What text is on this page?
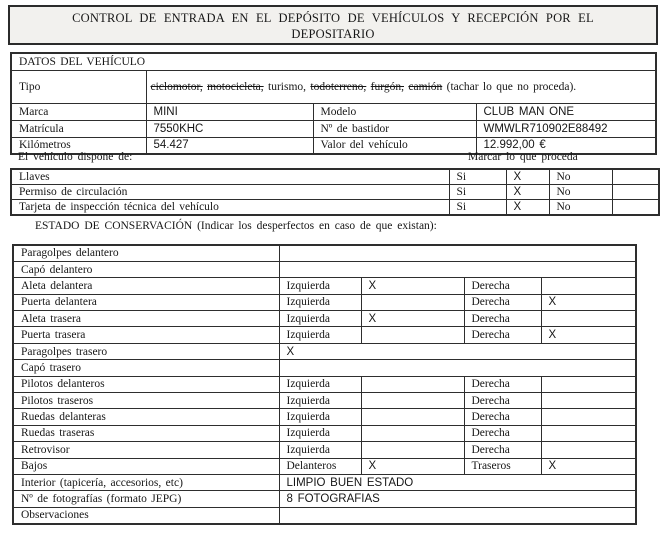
CONTROL DE ENTRADA EN EL DEPÓSITO DE VEHÍCULOS Y RECEPCIÓN POR EL
DEPOSITARIO
DATOS DEL VEHÍCULO			
Tipo	ciclomotor, motocicleta, turismo, todoterreno, furgón, camión (tachar lo que no proceda).		
Marca	MINI	Modelo	CLUB MAN ONE
Matrícula	7550KHC	Nº de bastidor	WMWLR710902E88492
Kilómetros	54.427	Valor del vehículo	12.992,00 €
El vehículo dispone de:	Marcar lo que proceda
Llaves	Si	X	No	
Permiso de circulación	Si	X	No	
Tarjeta de inspección técnica del vehículo	Si	X	No	
ESTADO DE CONSERVACIÓN (Indicar los desperfectos en caso de que existan):
Paragolpes delantero				
Capó delantero				
Aleta delantera	Izquierda	X	Derecha	
Puerta delantera	Izquierda		Derecha	X
Aleta trasera	Izquierda	X	Derecha	
Puerta trasera	Izquierda		Derecha	X
Paragolpes trasero	X			
Capó trasero				
Pilotos delanteros	Izquierda		Derecha	
Pilotos traseros	Izquierda		Derecha	
Ruedas delanteras	Izquierda		Derecha	
Ruedas traseras	Izquierda		Derecha	
Retrovisor	Izquierda		Derecha	
Bajos	Delanteros	X	Traseros	X
Interior (tapicería, accesorios, etc)	LIMPIO BUEN ESTADO			
Nº de fotografías (formato JEPG)	8 FOTOGRAFIAS			
Observaciones				
